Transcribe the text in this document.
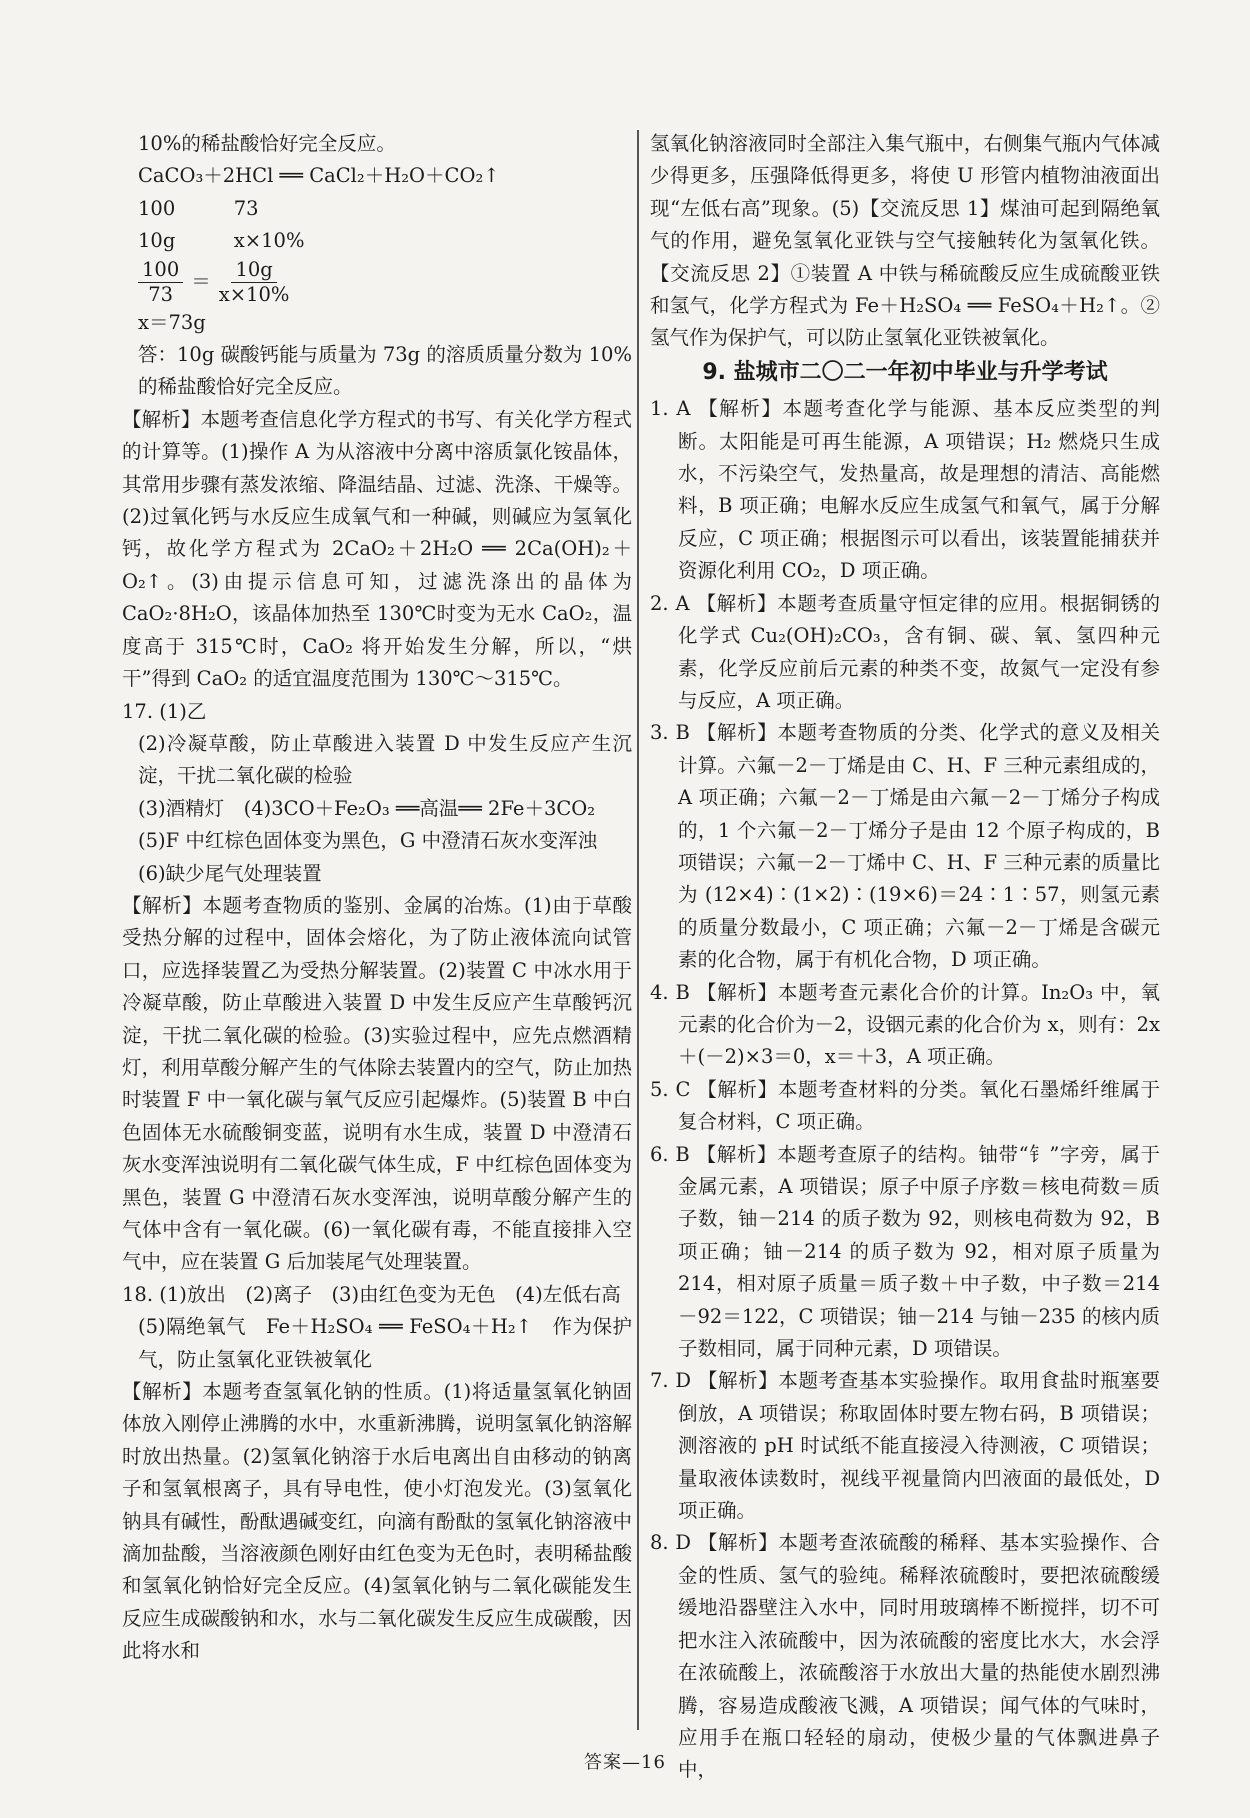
10%的稀盐酸恰好完全反应。

CaCO₃＋2HCl ══ CaCl₂＋H₂O＋CO₂↑

100　　　73

10g　　　x×10%

$\frac{100}{73} = \frac{10g}{x\times 10\%}$

x＝73g

答：10g 碳酸钙能与质量为 73g 的溶质质量分数为 10%的稀盐酸恰好完全反应。

【解析】本题考查信息化学方程式的书写、有关化学方程式的计算等。(1)操作 A 为从溶液中分离中溶质氯化铵晶体，其常用步骤有蒸发浓缩、降温结晶、过滤、洗涤、干燥等。(2)过氧化钙与水反应生成氧气和一种碱，则碱应为氢氧化钙，故化学方程式为 2CaO₂＋2H₂O ══ 2Ca(OH)₂＋O₂↑。(3)由提示信息可知，过滤洗涤出的晶体为 CaO₂·8H₂O，该晶体加热至 130℃时变为无水 CaO₂，温度高于 315℃时，CaO₂ 将开始发生分解，所以，“烘干”得到 CaO₂ 的适宜温度范围为 130℃～315℃。

17. (1)乙

(2)冷凝草酸，防止草酸进入装置 D 中发生反应产生沉淀，干扰二氧化碳的检验

(3)酒精灯　(4)3CO＋Fe₂O₃ ══高温══ 2Fe＋3CO₂

(5)F 中红棕色固体变为黑色，G 中澄清石灰水变浑浊

(6)缺少尾气处理装置

【解析】本题考查物质的鉴别、金属的冶炼。(1)由于草酸受热分解的过程中，固体会熔化，为了防止液体流向试管口，应选择装置乙为受热分解装置。(2)装置 C 中冰水用于冷凝草酸，防止草酸进入装置 D 中发生反应产生草酸钙沉淀，干扰二氧化碳的检验。(3)实验过程中，应先点燃酒精灯，利用草酸分解产生的气体除去装置内的空气，防止加热时装置 F 中一氧化碳与氧气反应引起爆炸。(5)装置 B 中白色固体无水硫酸铜变蓝，说明有水生成，装置 D 中澄清石灰水变浑浊说明有二氧化碳气体生成，F 中红棕色固体变为黑色，装置 G 中澄清石灰水变浑浊，说明草酸分解产生的气体中含有一氧化碳。(6)一氧化碳有毒，不能直接排入空气中，应在装置 G 后加装尾气处理装置。

18. (1)放出　(2)离子　(3)由红色变为无色　(4)左低右高

(5)隔绝氧气　Fe＋H₂SO₄ ══ FeSO₄＋H₂↑　作为保护气，防止氢氧化亚铁被氧化

【解析】本题考查氢氧化钠的性质。(1)将适量氢氧化钠固体放入刚停止沸腾的水中，水重新沸腾，说明氢氧化钠溶解时放出热量。(2)氢氧化钠溶于水后电离出自由移动的钠离子和氢氧根离子，具有导电性，使小灯泡发光。(3)氢氧化钠具有碱性，酚酞遇碱变红，向滴有酚酞的氢氧化钠溶液中滴加盐酸，当溶液颜色刚好由红色变为无色时，表明稀盐酸和氢氧化钠恰好完全反应。(4)氢氧化钠与二氧化碳能发生反应生成碳酸钠和水，水与二氧化碳发生反应生成碳酸，因此将水和

氢氧化钠溶液同时全部注入集气瓶中，右侧集气瓶内气体减少得更多，压强降低得更多，将使 U 形管内植物油液面出现“左低右高”现象。(5)【交流反思 1】煤油可起到隔绝氧气的作用，避免氢氧化亚铁与空气接触转化为氢氧化铁。【交流反思 2】①装置 A 中铁与稀硫酸反应生成硫酸亚铁和氢气，化学方程式为 Fe＋H₂SO₄ ══ FeSO₄＋H₂↑。②氢气作为保护气，可以防止氢氧化亚铁被氧化。

9. 盐城市二〇二一年初中毕业与升学考试

1. A 【解析】本题考查化学与能源、基本反应类型的判断。太阳能是可再生能源，A 项错误；H₂ 燃烧只生成水，不污染空气，发热量高，故是理想的清洁、高能燃料，B 项正确；电解水反应生成氢气和氧气，属于分解反应，C 项正确；根据图示可以看出，该装置能捕获并资源化利用 CO₂，D 项正确。

2. A 【解析】本题考查质量守恒定律的应用。根据铜锈的化学式 Cu₂(OH)₂CO₃，含有铜、碳、氧、氢四种元素，化学反应前后元素的种类不变，故氮气一定没有参与反应，A 项正确。

3. B 【解析】本题考查物质的分类、化学式的意义及相关计算。六氟－2－丁烯是由 C、H、F 三种元素组成的，A 项正确；六氟－2－丁烯是由六氟－2－丁烯分子构成的，1 个六氟－2－丁烯分子是由 12 个原子构成的，B 项错误；六氟－2－丁烯中 C、H、F 三种元素的质量比为 (12×4)∶(1×2)∶(19×6)＝24∶1∶57，则氢元素的质量分数最小，C 项正确；六氟－2－丁烯是含碳元素的化合物，属于有机化合物，D 项正确。

4. B 【解析】本题考查元素化合价的计算。In₂O₃ 中，氧元素的化合价为－2，设铟元素的化合价为 x，则有：2x＋(－2)×3＝0，x＝＋3，A 项正确。

5. C 【解析】本题考查材料的分类。氧化石墨烯纤维属于复合材料，C 项正确。

6. B 【解析】本题考查原子的结构。铀带“钅”字旁，属于金属元素，A 项错误；原子中原子序数＝核电荷数＝质子数，铀－214 的质子数为 92，则核电荷数为 92，B 项正确；铀－214 的质子数为 92，相对原子质量为 214，相对原子质量＝质子数＋中子数，中子数＝214－92＝122，C 项错误；铀－214 与铀－235 的核内质子数相同，属于同种元素，D 项错误。

7. D 【解析】本题考查基本实验操作。取用食盐时瓶塞要倒放，A 项错误；称取固体时要左物右码，B 项错误；测溶液的 pH 时试纸不能直接浸入待测液，C 项错误；量取液体读数时，视线平视量筒内凹液面的最低处，D 项正确。

8. D 【解析】本题考查浓硫酸的稀释、基本实验操作、合金的性质、氢气的验纯。稀释浓硫酸时，要把浓硫酸缓缓地沿器壁注入水中，同时用玻璃棒不断搅拌，切不可把水注入浓硫酸中，因为浓硫酸的密度比水大，水会浮在浓硫酸上，浓硫酸溶于水放出大量的热能使水剧烈沸腾，容易造成酸液飞溅，A 项错误；闻气体的气味时，应用手在瓶口轻轻的扇动，使极少量的气体飘进鼻子中，

答案—16
